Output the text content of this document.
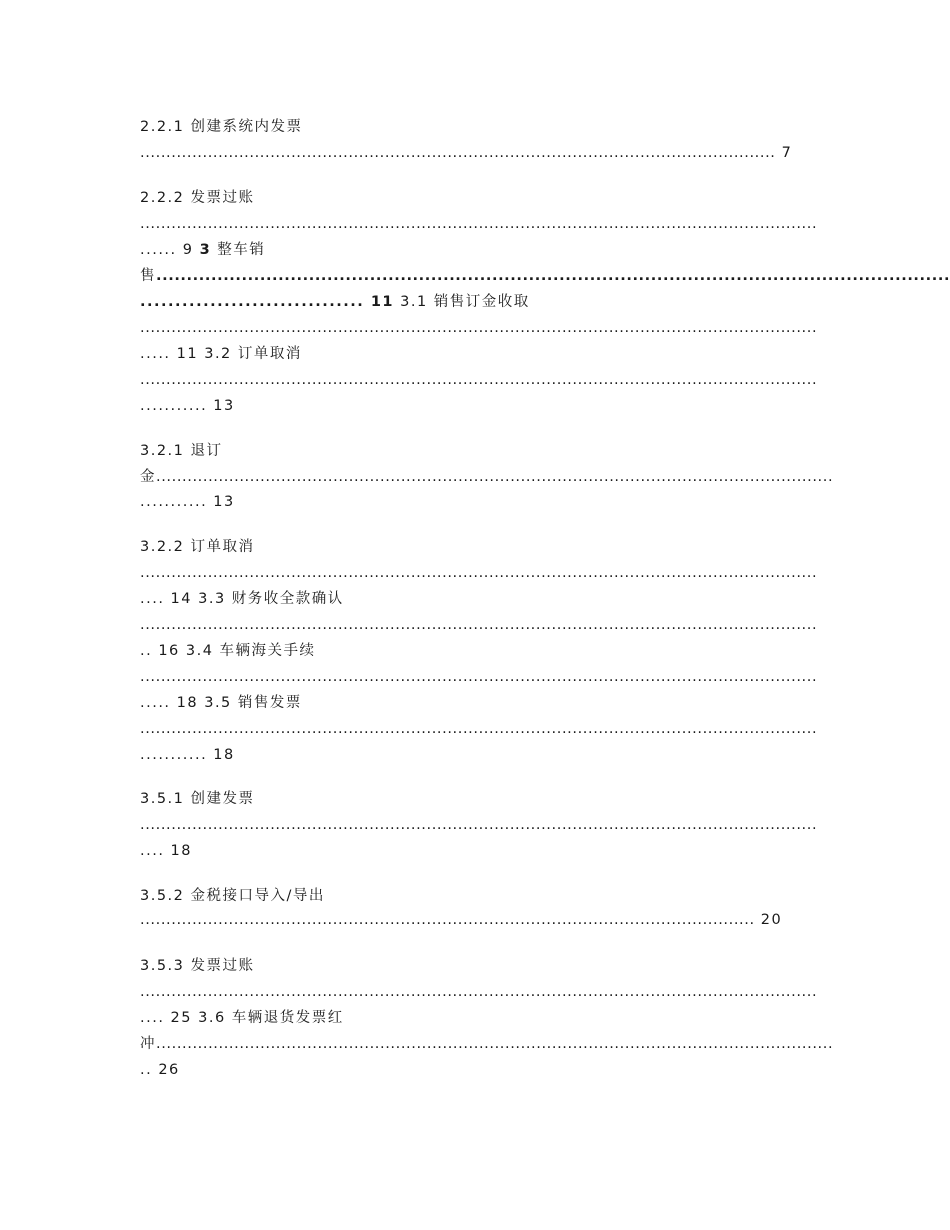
2.2.1 创建系统内发票
.......................................................................................................................... 7
2.2.2 发票过账
..................................................................................................................................
...... 9 3 整车销
售..................................................................................................................................
................................ 11 3.1 销售订金收取
..................................................................................................................................
..... 11 3.2 订单取消
..................................................................................................................................
........... 13
3.2.1 退订
金..................................................................................................................................
........... 13
3.2.2 订单取消
..................................................................................................................................
.... 14 3.3 财务收全款确认
..................................................................................................................................
.. 16 3.4 车辆海关手续
..................................................................................................................................
..... 18 3.5 销售发票
..................................................................................................................................
........... 18
3.5.1 创建发票
..................................................................................................................................
.... 18
3.5.2 金税接口导入/导出
...................................................................................................................... 20
3.5.3 发票过账
..................................................................................................................................
.... 25 3.6 车辆退货发票红
冲..................................................................................................................................
.. 26
